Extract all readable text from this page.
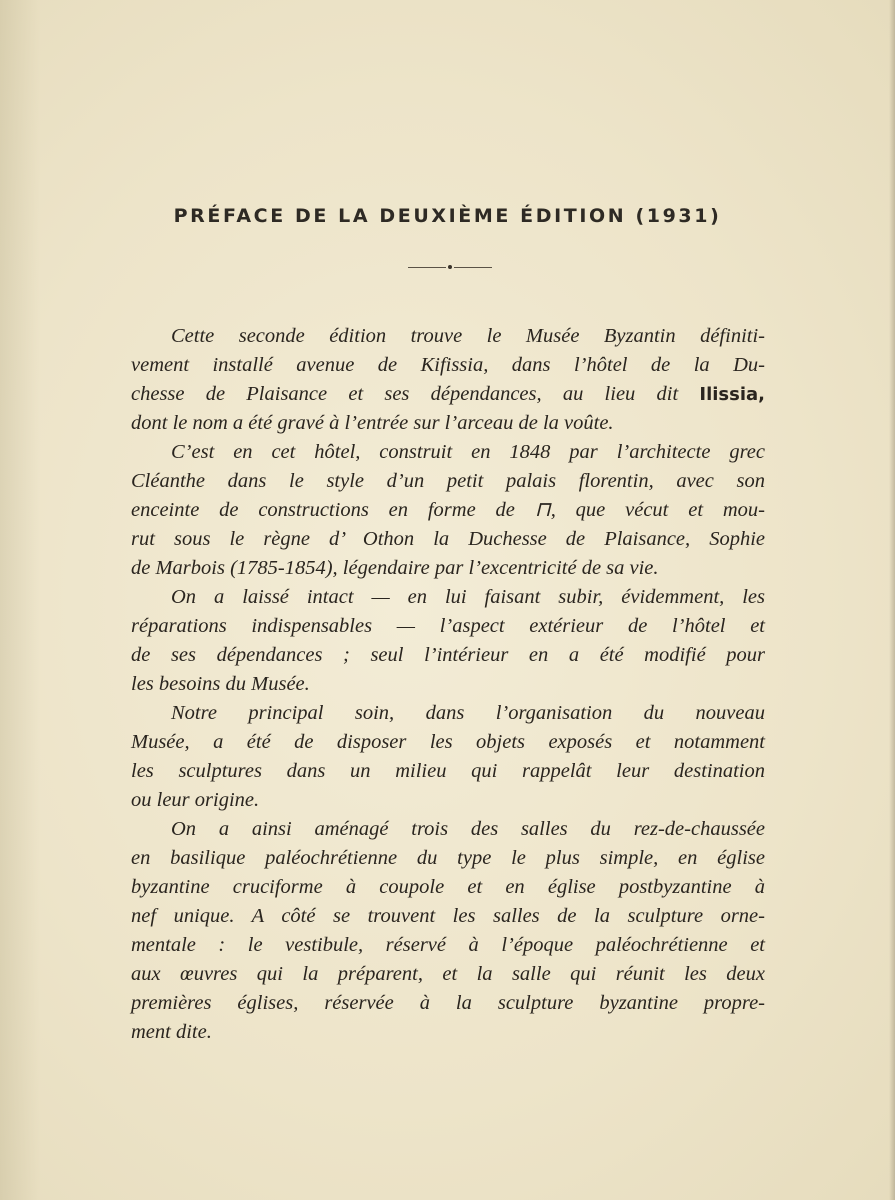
PRÉFACE DE LA DEUXIÈME ÉDITION (1931)
Cette seconde édition trouve le Musée Byzantin définiti-
vement installé avenue de Kifissia, dans l’hôtel de la Du-
chesse de Plaisance et ses dépendances, au lieu dit Ilissia,
dont le nom a été gravé à l’entrée sur l’arceau de la voûte.
C’est en cet hôtel, construit en 1848 par l’architecte grec
Cléanthe dans le style d’un petit palais florentin, avec son
enceinte de constructions en forme de ⊓, que vécut et mou-
rut sous le règne d’ Othon la Duchesse de Plaisance, Sophie
de Marbois (1785-1854), légendaire par l’excentricité de sa vie.
On a laissé intact — en lui faisant subir, évidemment, les
réparations indispensables — l’aspect extérieur de l’hôtel et
de ses dépendances ; seul l’intérieur en a été modifié pour
les besoins du Musée.
Notre principal soin, dans l’organisation du nouveau
Musée, a été de disposer les objets exposés et notamment
les sculptures dans un milieu qui rappelât leur destination
ou leur origine.
On a ainsi aménagé trois des salles du rez-de-chaussée
en basilique paléochrétienne du type le plus simple, en église
byzantine cruciforme à coupole et en église postbyzantine à
nef unique. A côté se trouvent les salles de la sculpture orne-
mentale : le vestibule, réservé à l’époque paléochrétienne et
aux œuvres qui la préparent, et la salle qui réunit les deux
premières églises, réservée à la sculpture byzantine propre-
ment dite.
